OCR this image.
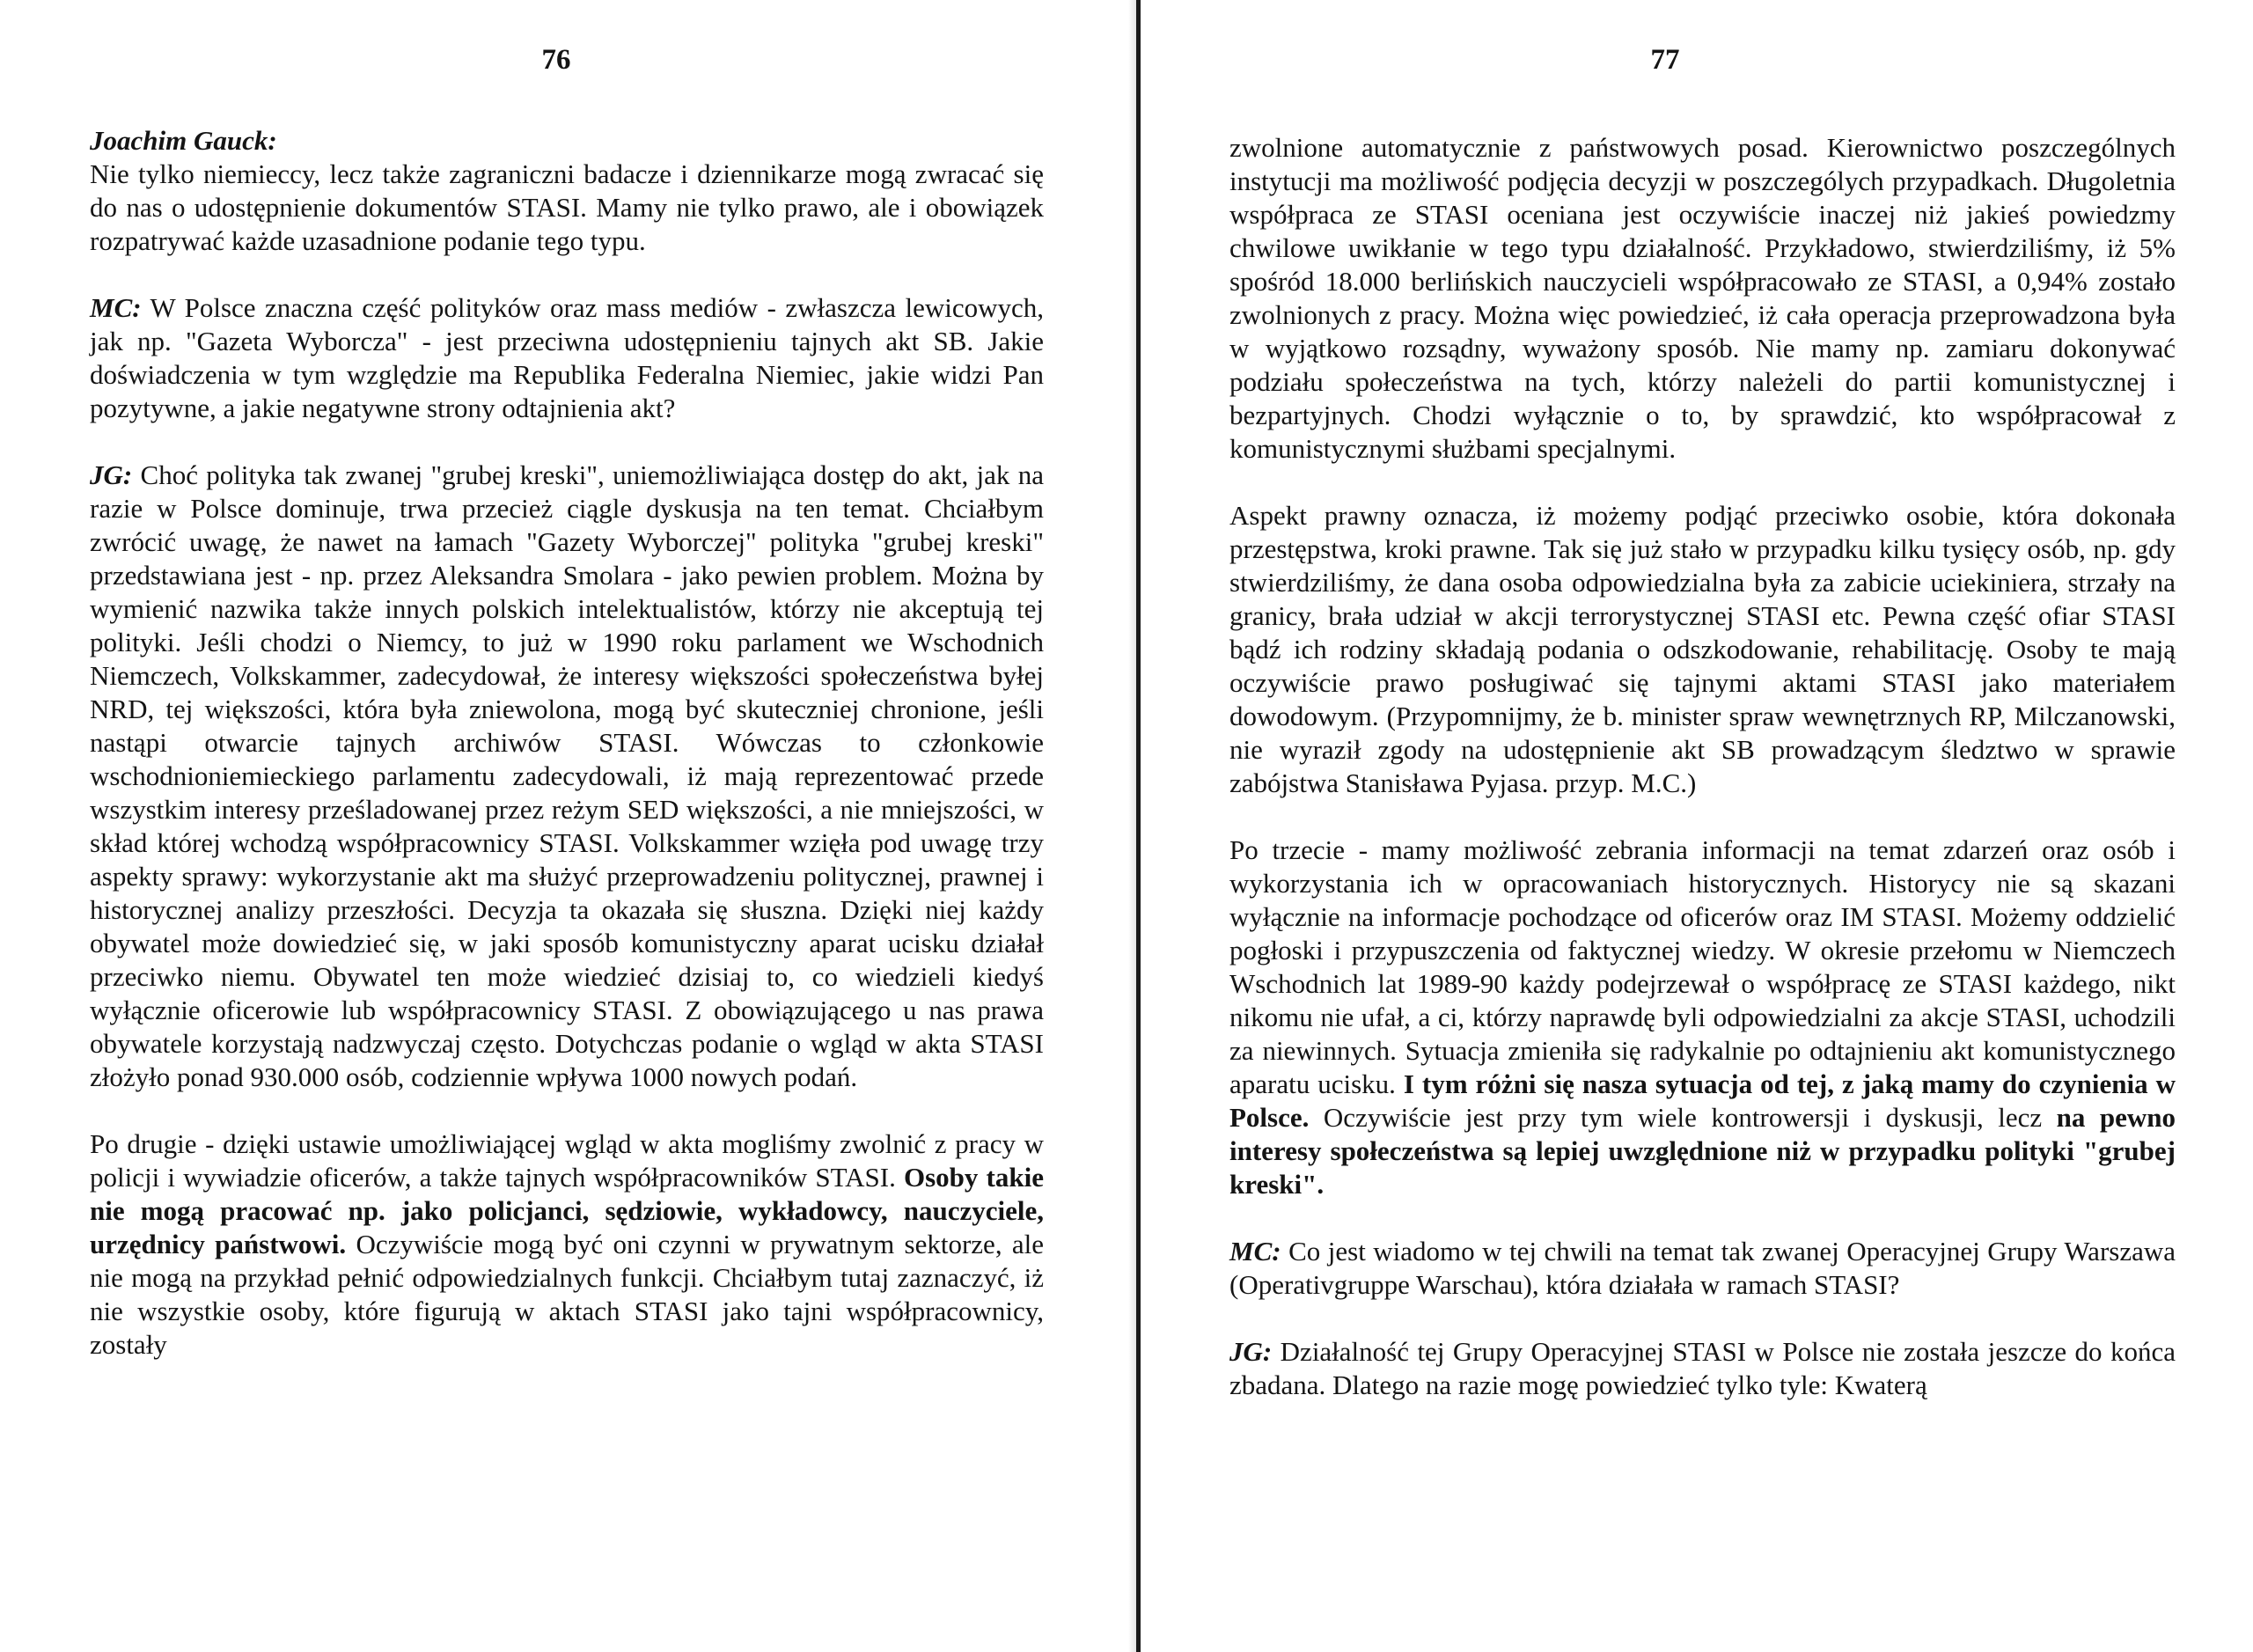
76

Joachim Gauck:

Nie tylko niemieccy, lecz także zagraniczni badacze i dziennikarze mogą zwracać się do nas o udostępnienie dokumentów STASI. Mamy nie tylko prawo, ale i obowiązek rozpatrywać każde uzasadnione podanie tego typu.

MC: W Polsce znaczna część polityków oraz mass mediów - zwłaszcza lewicowych, jak np. "Gazeta Wyborcza" - jest przeciwna udostępnieniu tajnych akt SB. Jakie doświadczenia w tym względzie ma Republika Federalna Niemiec, jakie widzi Pan pozytywne, a jakie negatywne strony odtajnienia akt?

JG: Choć polityka tak zwanej "grubej kreski", uniemożliwiająca dostęp do akt, jak na razie w Polsce dominuje, trwa przecież ciągle dyskusja na ten temat. Chciałbym zwrócić uwagę, że nawet na łamach "Gazety Wyborczej" polityka "grubej kreski" przedstawiana jest - np. przez Aleksandra Smolara - jako pewien problem. Można by wymienić nazwika także innych polskich intelektualistów, którzy nie akceptują tej polityki. Jeśli chodzi o Niemcy, to już w 1990 roku parlament we Wschodnich Niemczech, Volkskammer, zadecydował, że interesy większości społeczeństwa byłej NRD, tej większości, która była zniewolona, mogą być skuteczniej chronione, jeśli nastąpi otwarcie tajnych archiwów STASI. Wówczas to członkowie wschodnioniemieckiego parlamentu zadecydowali, iż mają reprezentować przede wszystkim interesy prześladowanej przez reżym SED większości, a nie mniejszości, w skład której wchodzą współpracownicy STASI. Volkskammer wzięła pod uwagę trzy aspekty sprawy: wykorzystanie akt ma służyć przeprowadzeniu politycznej, prawnej i historycznej analizy przeszłości. Decyzja ta okazała się słuszna. Dzięki niej każdy obywatel może dowiedzieć się, w jaki sposób komunistyczny aparat ucisku działał przeciwko niemu. Obywatel ten może wiedzieć dzisiaj to, co wiedzieli kiedyś wyłącznie oficerowie lub współpracownicy STASI. Z obowiązującego u nas prawa obywatele korzystają nadzwyczaj często. Dotychczas podanie o wgląd w akta STASI złożyło ponad 930.000 osób, codziennie wpływa 1000 nowych podań.

Po drugie - dzięki ustawie umożliwiającej wgląd w akta mogliśmy zwolnić z pracy w policji i wywiadzie oficerów, a także tajnych współpracowników STASI. Osoby takie nie mogą pracować np. jako policjanci, sędziowie, wykładowcy, nauczyciele, urzędnicy państwowi. Oczywiście mogą być oni czynni w prywatnym sektorze, ale nie mogą na przykład pełnić odpowiedzialnych funkcji. Chciałbym tutaj zaznaczyć, iż nie wszystkie osoby, które figurują w aktach STASI jako tajni współpracownicy, zostały

77

zwolnione automatycznie z państwowych posad. Kierownictwo poszczególnych instytucji ma możliwość podjęcia decyzji w poszczególych przypadkach. Długoletnia współpraca ze STASI oceniana jest oczywiście inaczej niż jakieś powiedzmy chwilowe uwikłanie w tego typu działalność. Przykładowo, stwierdziliśmy, iż 5% spośród 18.000 berlińskich nauczycieli współpracowało ze STASI, a 0,94% zostało zwolnionych z pracy. Można więc powiedzieć, iż cała operacja przeprowadzona była w wyjątkowo rozsądny, wyważony sposób. Nie mamy np. zamiaru dokonywać podziału społeczeństwa na tych, którzy należeli do partii komunistycznej i bezpartyjnych. Chodzi wyłącznie o to, by sprawdzić, kto współpracował z komunistycznymi służbami specjalnymi.

Aspekt prawny oznacza, iż możemy podjąć przeciwko osobie, która dokonała przestępstwa, kroki prawne. Tak się już stało w przypadku kilku tysięcy osób, np. gdy stwierdziliśmy, że dana osoba odpowiedzialna była za zabicie uciekiniera, strzały na granicy, brała udział w akcji terrorystycznej STASI etc. Pewna część ofiar STASI bądź ich rodziny składają podania o odszkodowanie, rehabilitację. Osoby te mają oczywiście prawo posługiwać się tajnymi aktami STASI jako materiałem dowodowym. (Przypomnijmy, że b. minister spraw wewnętrznych RP, Milczanowski, nie wyraził zgody na udostępnienie akt SB prowadzącym śledztwo w sprawie zabójstwa Stanisława Pyjasa. przyp. M.C.)

Po trzecie - mamy możliwość zebrania informacji na temat zdarzeń oraz osób i wykorzystania ich w opracowaniach historycznych. Historycy nie są skazani wyłącznie na informacje pochodzące od oficerów oraz IM STASI. Możemy oddzielić pogłoski i przypuszczenia od faktycznej wiedzy. W okresie przełomu w Niemczech Wschodnich lat 1989-90 każdy podejrzewał o współpracę ze STASI każdego, nikt nikomu nie ufał, a ci, którzy naprawdę byli odpowiedzialni za akcje STASI, uchodzili za niewinnych. Sytuacja zmieniła się radykalnie po odtajnieniu akt komunistycznego aparatu ucisku. I tym różni się nasza sytuacja od tej, z jaką mamy do czynienia w Polsce. Oczywiście jest przy tym wiele kontrowersji i dyskusji, lecz na pewno interesy społeczeństwa są lepiej uwzględnione niż w przypadku polityki "grubej kreski".

MC: Co jest wiadomo w tej chwili na temat tak zwanej Operacyjnej Grupy Warszawa (Operativgruppe Warschau), która działała w ramach STASI?

JG: Działalność tej Grupy Operacyjnej STASI w Polsce nie została jeszcze do końca zbadana. Dlatego na razie mogę powiedzieć tylko tyle: Kwaterą
